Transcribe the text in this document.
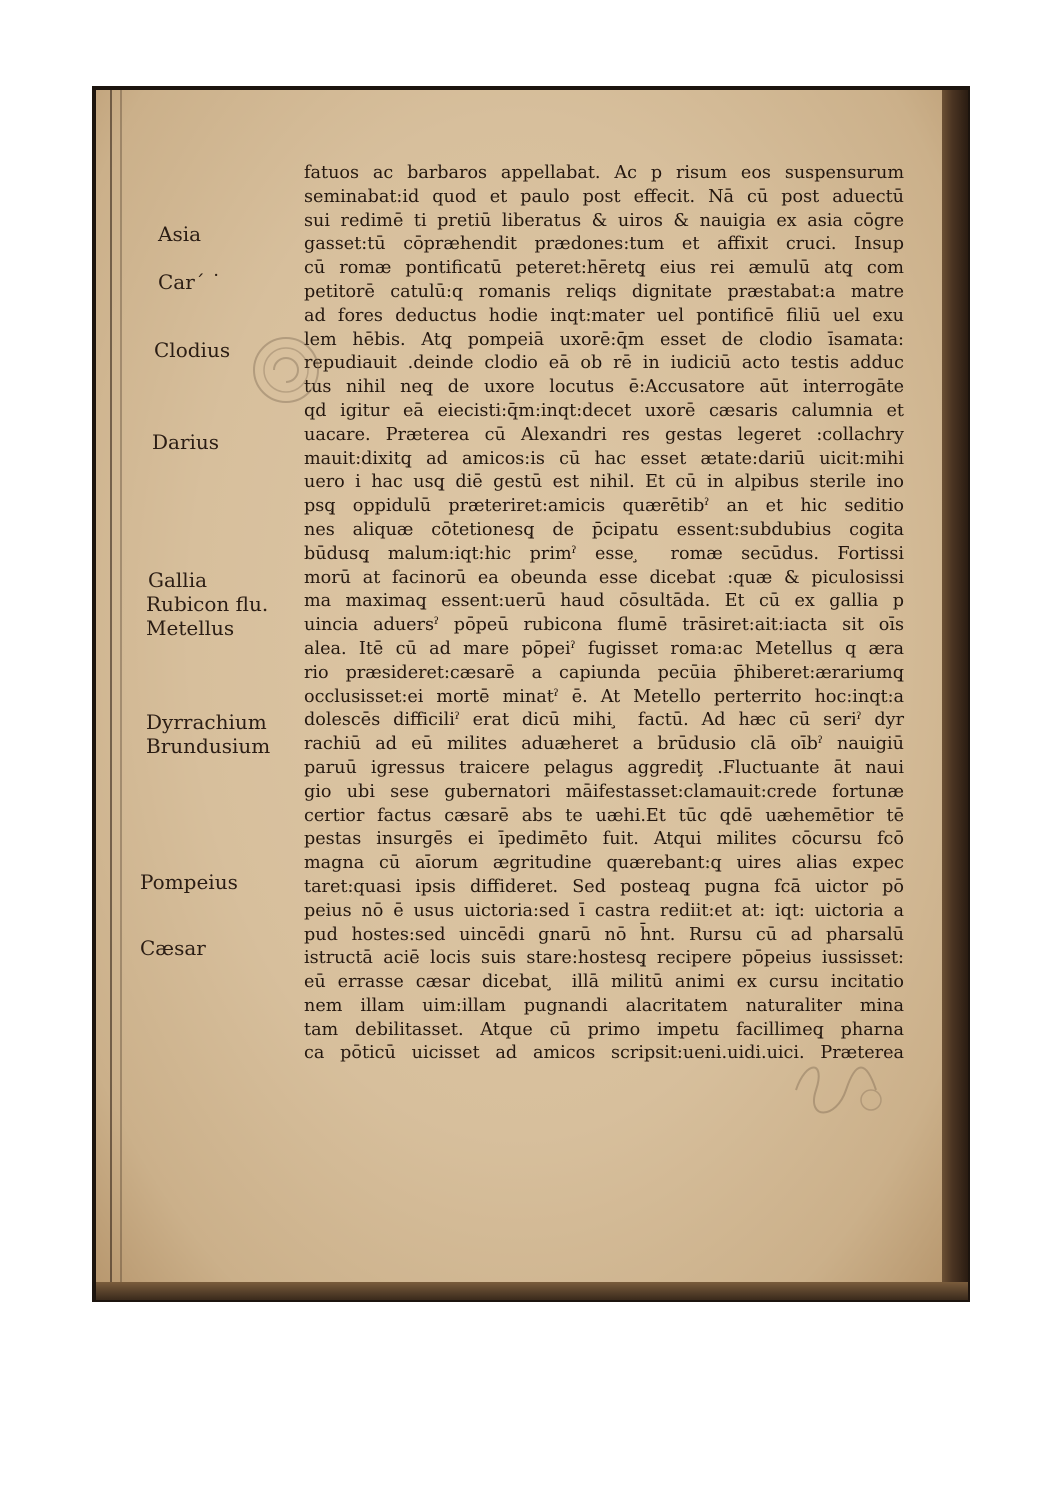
Asia
Car´ ˙
Clodius
Darius
Gallia
Rubicon flu.
Metellus
Dyrrachium
Brundusium
Pompeius
Cæsar
fatuos ac barbaros appellabat. Ac p risum eos suspensurum
seminabat:id quod et paulo post effecit. Nā cū post aduectū
sui redimē ti pretiū liberatus & uiros & nauigia ex asia cōgre
gasset:tū cōpræhendit prædones:tum et affixit cruci. Insup
cū romæ pontificatū peteret:hēretq̧ eius rei æmulū atq̧ com
petitorē catulū:q romanis reliqs dignitate præstabat:a matre
ad fores deductus hodie inqt:mater uel pontificē filiū uel exu
lem hēbis. Atq̧ pompeiā uxorē:q̄m esset de clodio īsamata:
repudiauit .deinde clodio eā ob rē in iudiciū acto testis adduc
tus nihil neq̧ de uxore locutus ē:Accusatore aūt interrogāte
qd igitur eā eiecisti:q̄m:inqt:decet uxorē cæsaris calumnia et
uacare. Præterea cū Alexandri res gestas legeret :collachry
mauit:dixitq̧ ad amicos:is cū hac esset ætate:dariū uicit:mihi
uero i hac usq̧ diē gestū est nihil. Et cū in alpibus sterile ino
psq̧ oppidulū præteriret:amicis quærētibˀ an et hic seditio
nes aliquæ cōtetionesq̧ de p̄cipatu essent:subdubius cogita
būdusq̧ malum:iqt:hic primˀ esse ̧ romæ secūdus. Fortissi
morū at facinorū ea obeunda esse dicebat :quæ & piculosissi
ma maximaq̧ essent:uerū haud cōsultāda. Et cū ex gallia p
uincia aduersˀ pōpeū rubicona flumē trāsiret:ait:iacta sit oīs
alea. Itē cū ad mare pōpeiˀ fugisset roma:ac Metellus q æra
rio præsideret:cæsarē a capiunda pecūia p̄hiberet:ærariumq̧
occlusisset:ei mortē minatˀ ē. At Metello perterrito hoc:inqt:a
dolescēs difficiliˀ erat dicū mihi ̧ factū. Ad hæc cū seriˀ dyr
rachiū ad eū milites aduæheret a brūdusio clā oībˀ nauigiū
paruū igressus traicere pelagus aggrediţ .Fluctuante āt naui
gio ubi sese gubernatori māifestasset:clamauit:crede fortunæ
certior factus cæsarē abs te uæhi.Et tūc qdē uæhemētior tē
pestas insurgēs ei īpedimēto fuit. Atqui milites cōcursu fcō
magna cū aīorum ægritudine quærebant:q̧ uires alias expec
taret:quasi ipsis diffideret. Sed posteaq̧ pugna fcā uictor pō
peius nō ē usus uictoria:sed ī castra rediit:et at: iqt: uictoria a
pud hostes:sed uincēdi gnarū nō h̄nt. Rursu cū ad pharsalū
istructā aciē locis suis stare:hostesq̧ recipere pōpeius iussisset:
eū errasse cæsar dicebat ̧ illā militū animi ex cursu incitatio
nem illam uim:illam pugnandi alacritatem naturaliter mina
tam debilitasset. Atque cū primo impetu facillimeq̧ pharna
ca pōticū uicisset ad amicos scripsit:ueni.uidi.uici. Præterea
